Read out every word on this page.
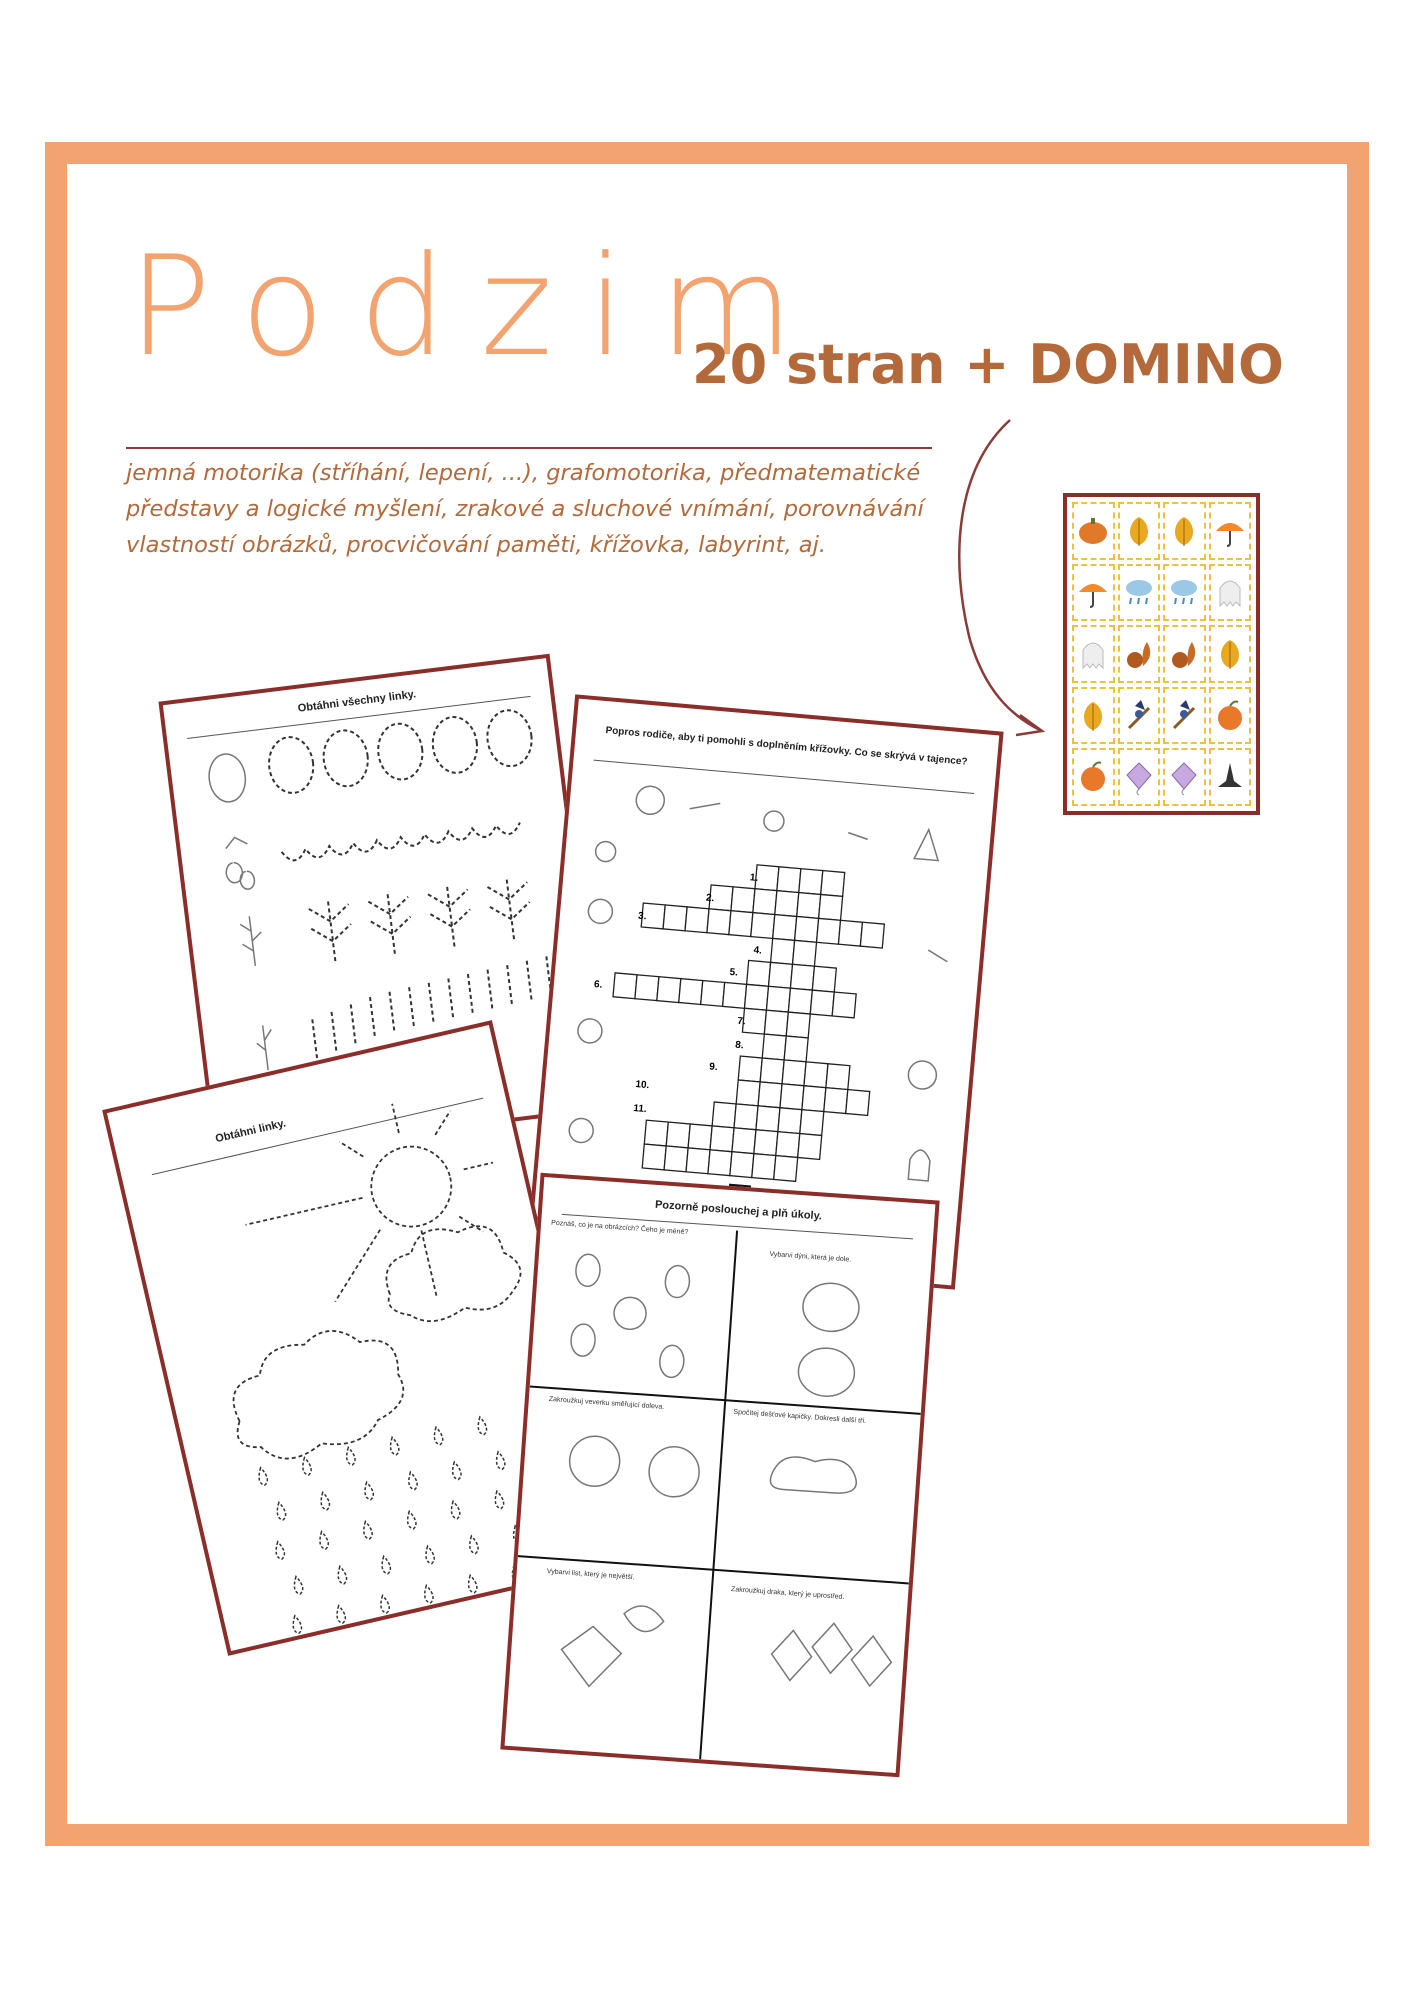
Podzim
20 stran + DOMINO
jemná motorika (stříhání, lepení, ...), grafomotorika, předmatematické představy a logické myšlení, zrakové a sluchové vnímání, porovnávání vlastností obrázků, procvičování paměti, křížovka, labyrint, aj.
Obtáhni všechny linky.
Popros rodiče, aby ti pomohli s doplněním křížovky. Co se skrývá v tajence?
1.
2.
3.
4.
5.
6.
7.
8.
9.
10.
11.
Obtáhni linky.
Pozorně poslouchej a plň úkoly.
Poznáš, co je na obrázcích? Čeho je méně?
Vybarvi dýni, která je dole.
Zakroužkuj veverku směřující doleva.
Spočítej dešťové kapičky. Dokresli další tři.
Vybarvi list, který je největší.
Zakroužkuj draka, který je uprostřed.
